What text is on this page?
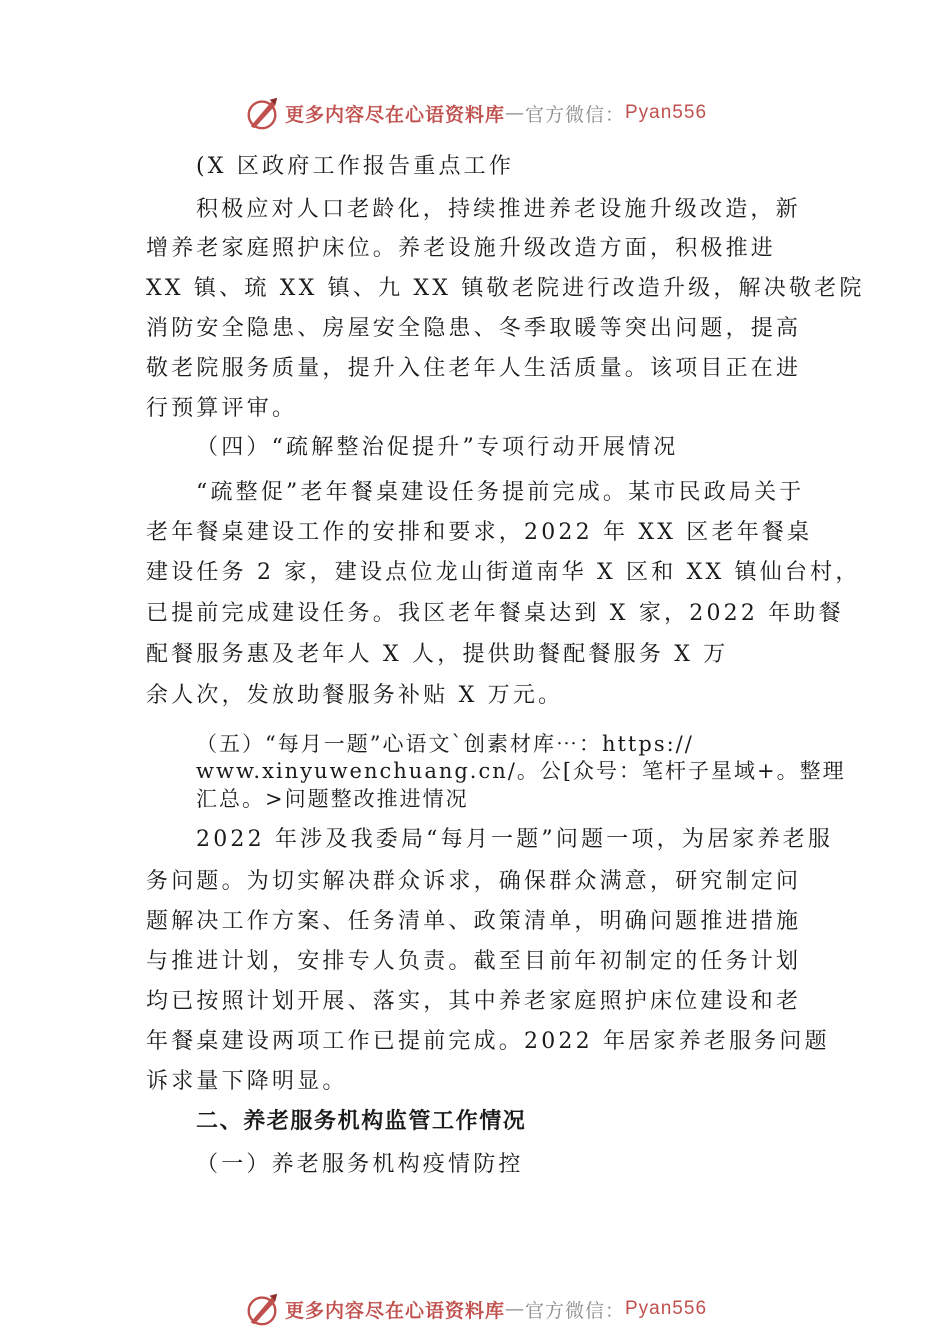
更多内容尽在心语资料库 — 官方微信： Pyan556
(X 区政府工作报告重点工作
积极应对人口老龄化，持续推进养老设施升级改造，新
增养老家庭照护床位。养老设施升级改造方面，积极推进
XX 镇、琉 XX 镇、九 XX 镇敬老院进行改造升级，解决敬老院
消防安全隐患、房屋安全隐患、冬季取暖等突出问题，提高
敬老院服务质量，提升入住老年人生活质量。该项目正在进
行预算评审。
（四）“疏解整治促提升”专项行动开展情况
“疏整促”老年餐桌建设任务提前完成。某市民政局关于
老年餐桌建设工作的安排和要求，2022 年 XX 区老年餐桌
建设任务 2 家，建设点位龙山街道南华 X 区和 XX 镇仙台村，
已提前完成建设任务。我区老年餐桌达到 X 家，2022 年助餐
配餐服务惠及老年人 X 人，提供助餐配餐服务 X 万
余人次，发放助餐服务补贴 X 万元。
（五）“每月一题”心语文`创素材库⋯：https://
www.xinyuwenchuang.cn/。公[众号：笔杆子星域+。整理
汇总。>问题整改推进情况
2022 年涉及我委局“每月一题”问题一项，为居家养老服
务问题。为切实解决群众诉求，确保群众满意，研究制定问
题解决工作方案、任务清单、政策清单，明确问题推进措施
与推进计划，安排专人负责。截至目前年初制定的任务计划
均已按照计划开展、落实，其中养老家庭照护床位建设和老
年餐桌建设两项工作已提前完成。2022 年居家养老服务问题
诉求量下降明显。
二、养老服务机构监管工作情况
（一）养老服务机构疫情防控
更多内容尽在心语资料库 — 官方微信： Pyan556
